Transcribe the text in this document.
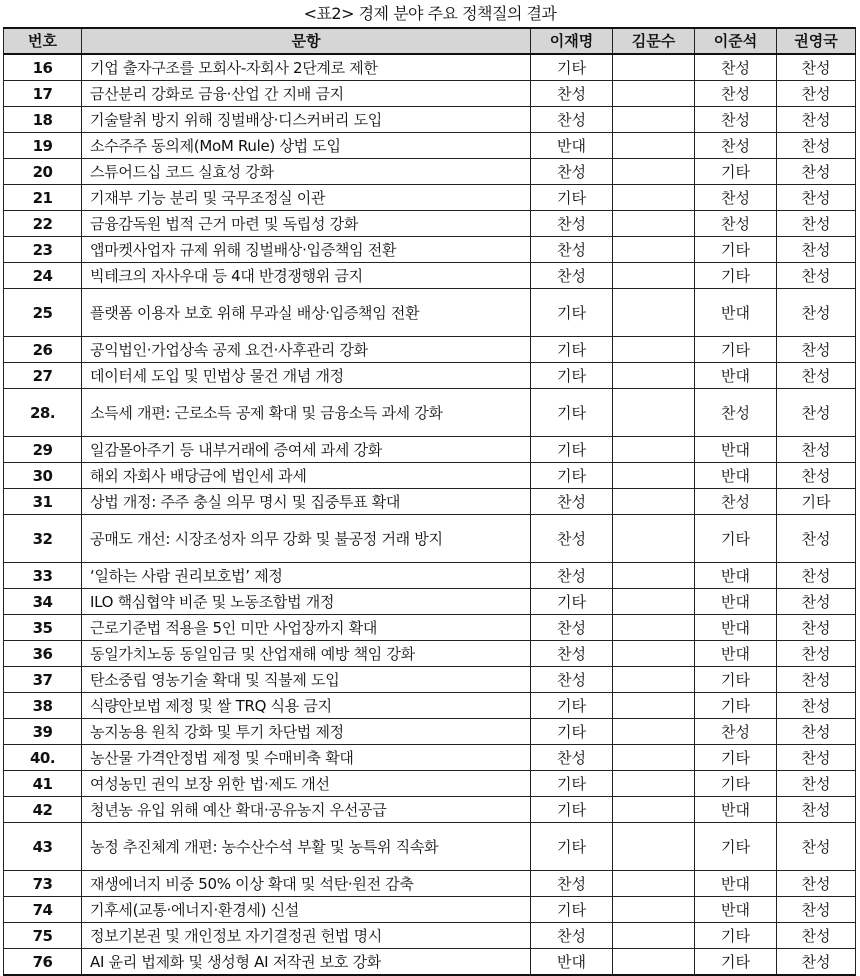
<표2> 경제 분야 주요 정책질의 결과
번호	문항	이재명	김문수	이준석	권영국
16	기업 출자구조를 모회사-자회사 2단계로 제한	기타		찬성	찬성
17	금산분리 강화로 금융·산업 간 지배 금지	찬성		찬성	찬성
18	기술탈취 방지 위해 징벌배상·디스커버리 도입	찬성		찬성	찬성
19	소수주주 동의제(MoM Rule) 상법 도입	반대		찬성	찬성
20	스튜어드십 코드 실효성 강화	찬성		기타	찬성
21	기재부 기능 분리 및 국무조정실 이관	기타		찬성	찬성
22	금융감독원 법적 근거 마련 및 독립성 강화	찬성		찬성	찬성
23	앱마켓사업자 규제 위해 징벌배상·입증책임 전환	찬성		기타	찬성
24	빅테크의 자사우대 등 4대 반경쟁행위 금지	찬성		기타	찬성
25	플랫폼 이용자 보호 위해 무과실 배상·입증책임 전환	기타		반대	찬성
26	공익법인·가업상속 공제 요건·사후관리 강화	기타		기타	찬성
27	데이터세 도입 및 민법상 물건 개념 개정	기타		반대	찬성
28.	소득세 개편: 근로소득 공제 확대 및 금융소득 과세 강화	기타		찬성	찬성
29	일감몰아주기 등 내부거래에 증여세 과세 강화	기타		반대	찬성
30	해외 자회사 배당금에 법인세 과세	기타		반대	찬성
31	상법 개정: 주주 충실 의무 명시 및 집중투표 확대	찬성		찬성	기타
32	공매도 개선: 시장조성자 의무 강화 및 불공정 거래 방지	찬성		기타	찬성
33	‘일하는 사람 권리보호법’ 제정	찬성		반대	찬성
34	ILO 핵심협약 비준 및 노동조합법 개정	기타		반대	찬성
35	근로기준법 적용을 5인 미만 사업장까지 확대	찬성		반대	찬성
36	동일가치노동 동일임금 및 산업재해 예방 책임 강화	찬성		반대	찬성
37	탄소중립 영농기술 확대 및 직불제 도입	찬성		기타	찬성
38	식량안보법 제정 및 쌀 TRQ 식용 금지	기타		기타	찬성
39	농지농용 원칙 강화 및 투기 차단법 제정	기타		찬성	찬성
40.	농산물 가격안정법 제정 및 수매비축 확대	찬성		기타	찬성
41	여성농민 권익 보장 위한 법·제도 개선	기타		기타	찬성
42	청년농 유입 위해 예산 확대·공유농지 우선공급	기타		반대	찬성
43	농정 추진체계 개편: 농수산수석 부활 및 농특위 직속화	기타		기타	찬성
73	재생에너지 비중 50% 이상 확대 및 석탄·원전 감축	찬성		반대	찬성
74	기후세(교통·에너지·환경세) 신설	기타		반대	찬성
75	정보기본권 및 개인정보 자기결정권 헌법 명시	찬성		기타	찬성
76	AI 윤리 법제화 및 생성형 AI 저작권 보호 강화	반대		기타	찬성
